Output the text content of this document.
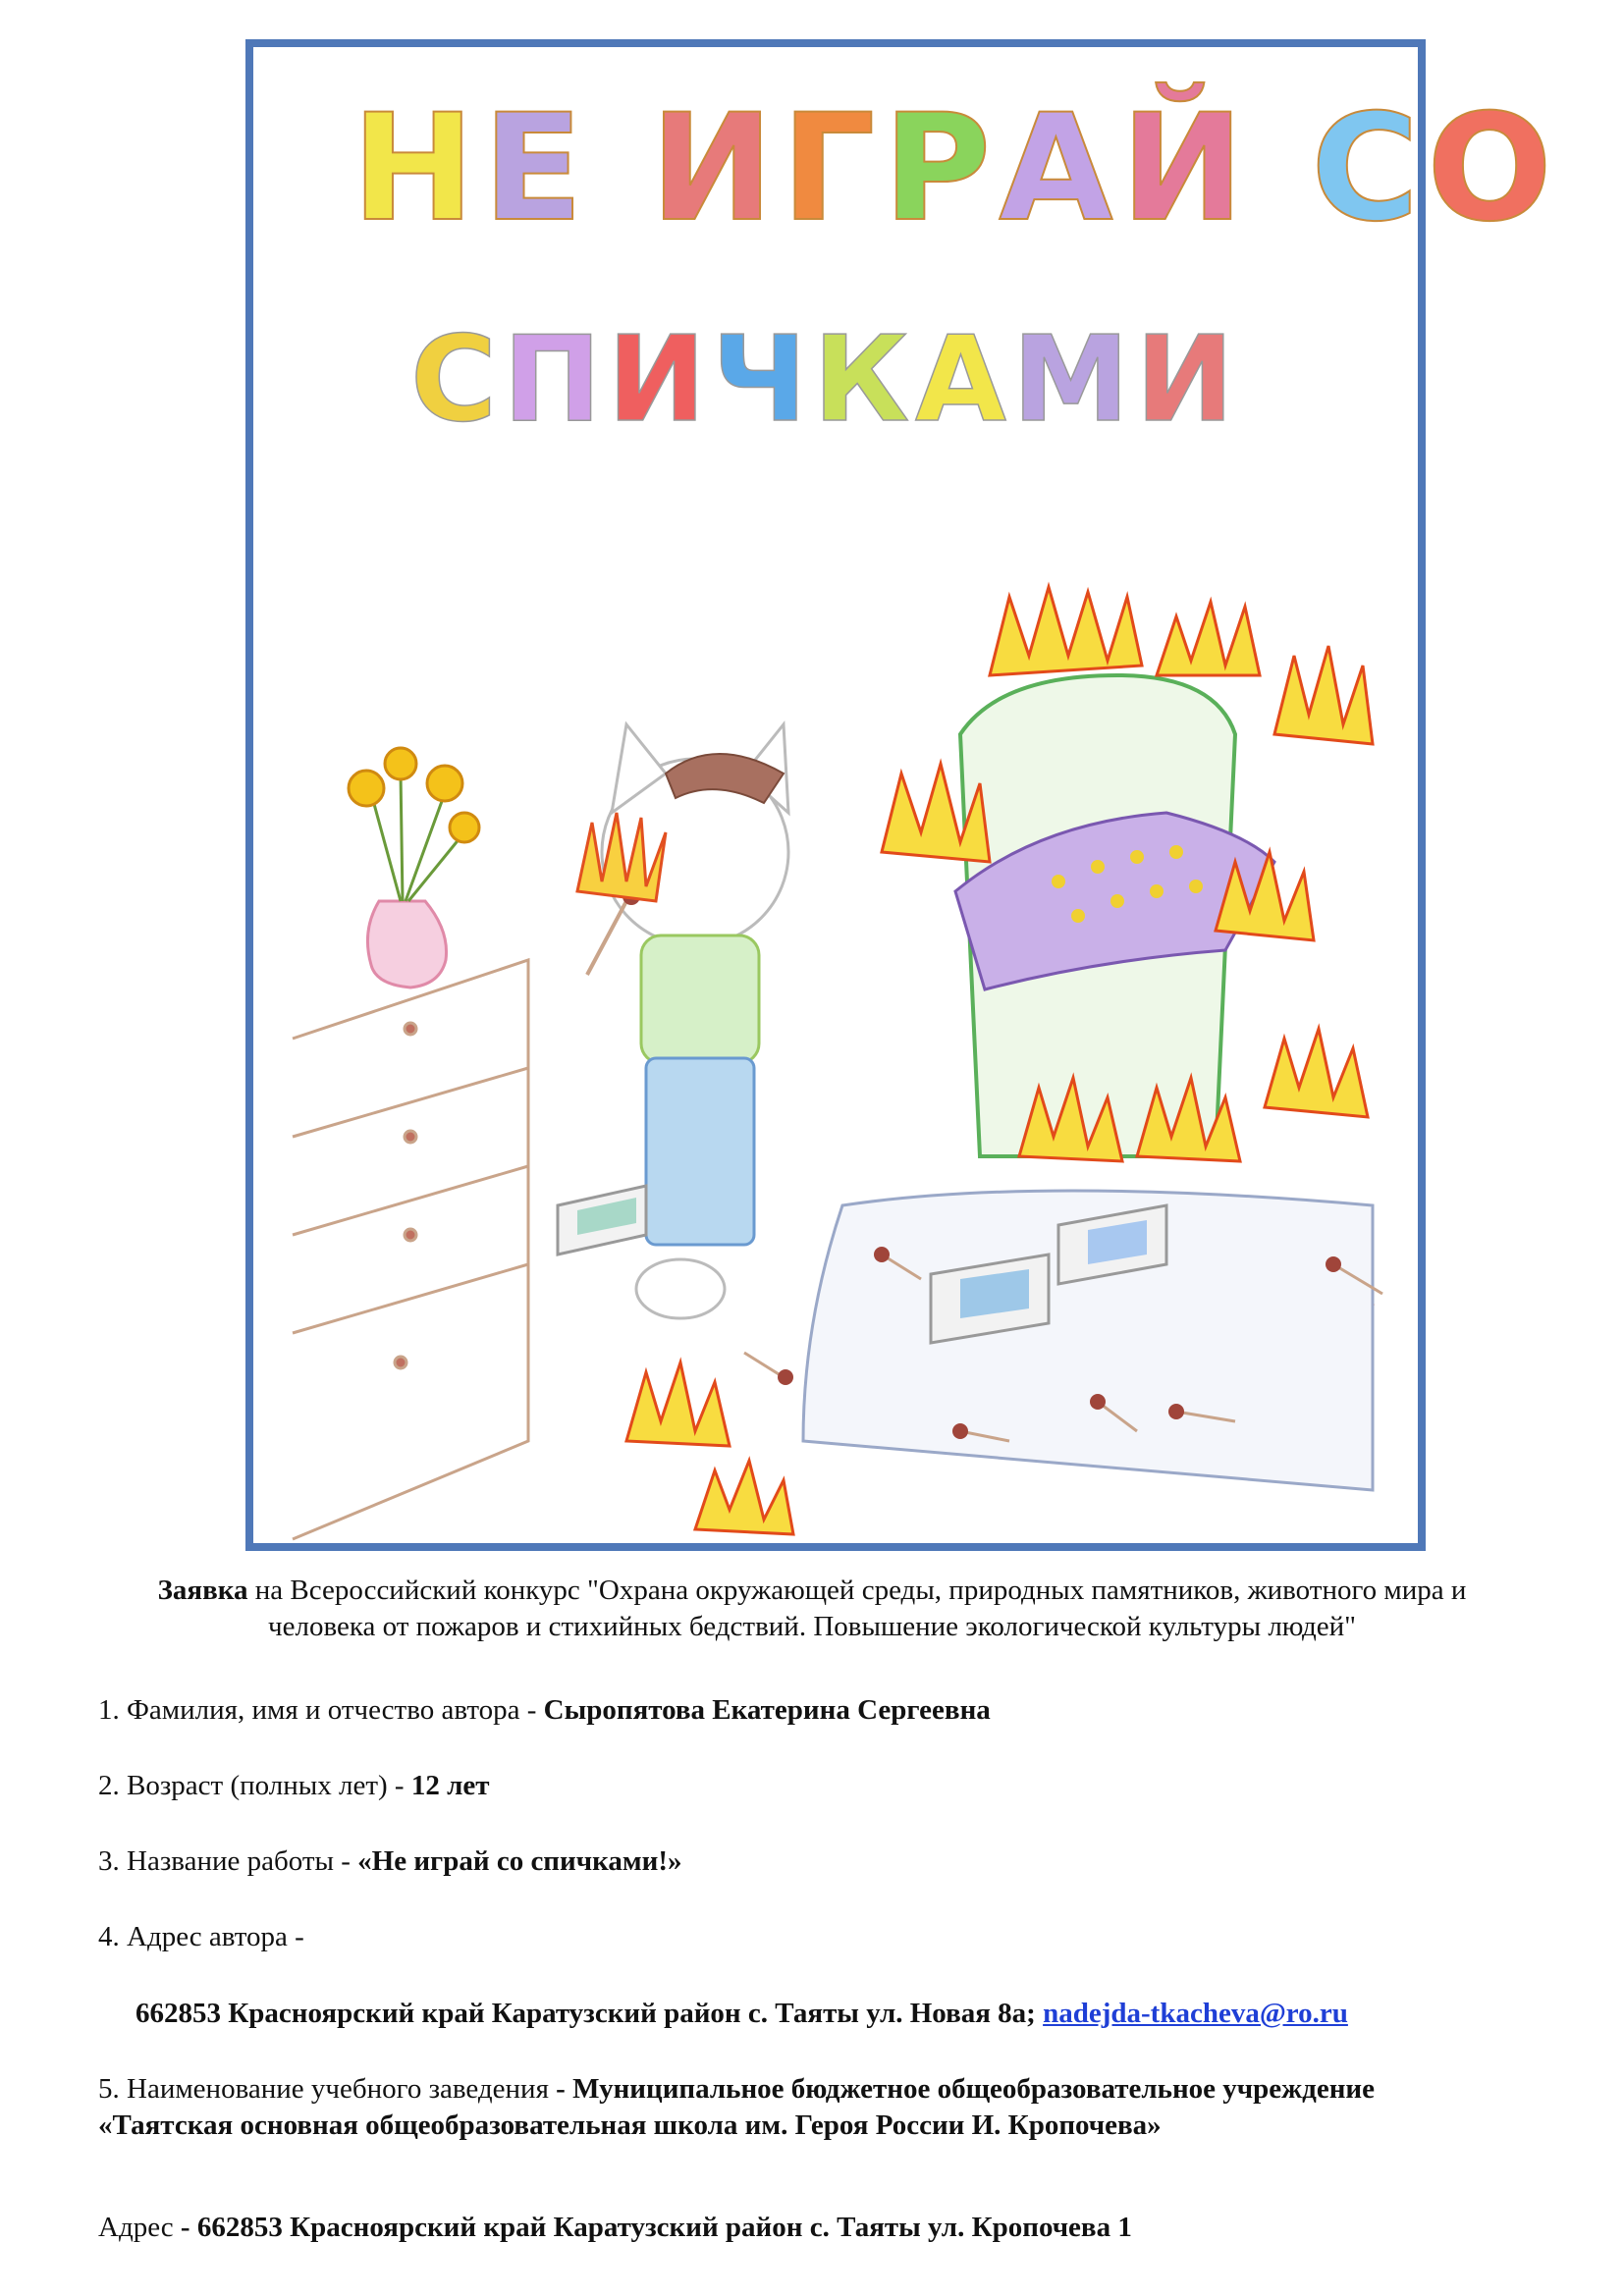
НЕ ИГРАЙ СО
СПИЧКАМИ
Заявка на Всероссийский конкурс "Охрана окружающей среды, природных памятников, животного мира и человека от пожаров и стихийных бедствий. Повышение экологической культуры людей"
1. Фамилия, имя и отчество автора - Сыропятова Екатерина Сергеевна
2. Возраст (полных лет) - 12 лет
3. Название работы - «Не играй со спичками!»
4. Адрес автора -
662853 Красноярский край Каратузский район с. Таяты ул. Новая 8а; nadejda-tkacheva@ro.ru
5. Наименование учебного заведения - Муниципальное бюджетное общеобразовательное учреждение
«Таятская основная общеобразовательная школа им. Героя России И. Кропочева»
Адрес - 662853 Красноярский край Каратузский район с. Таяты ул. Кропочева 1
